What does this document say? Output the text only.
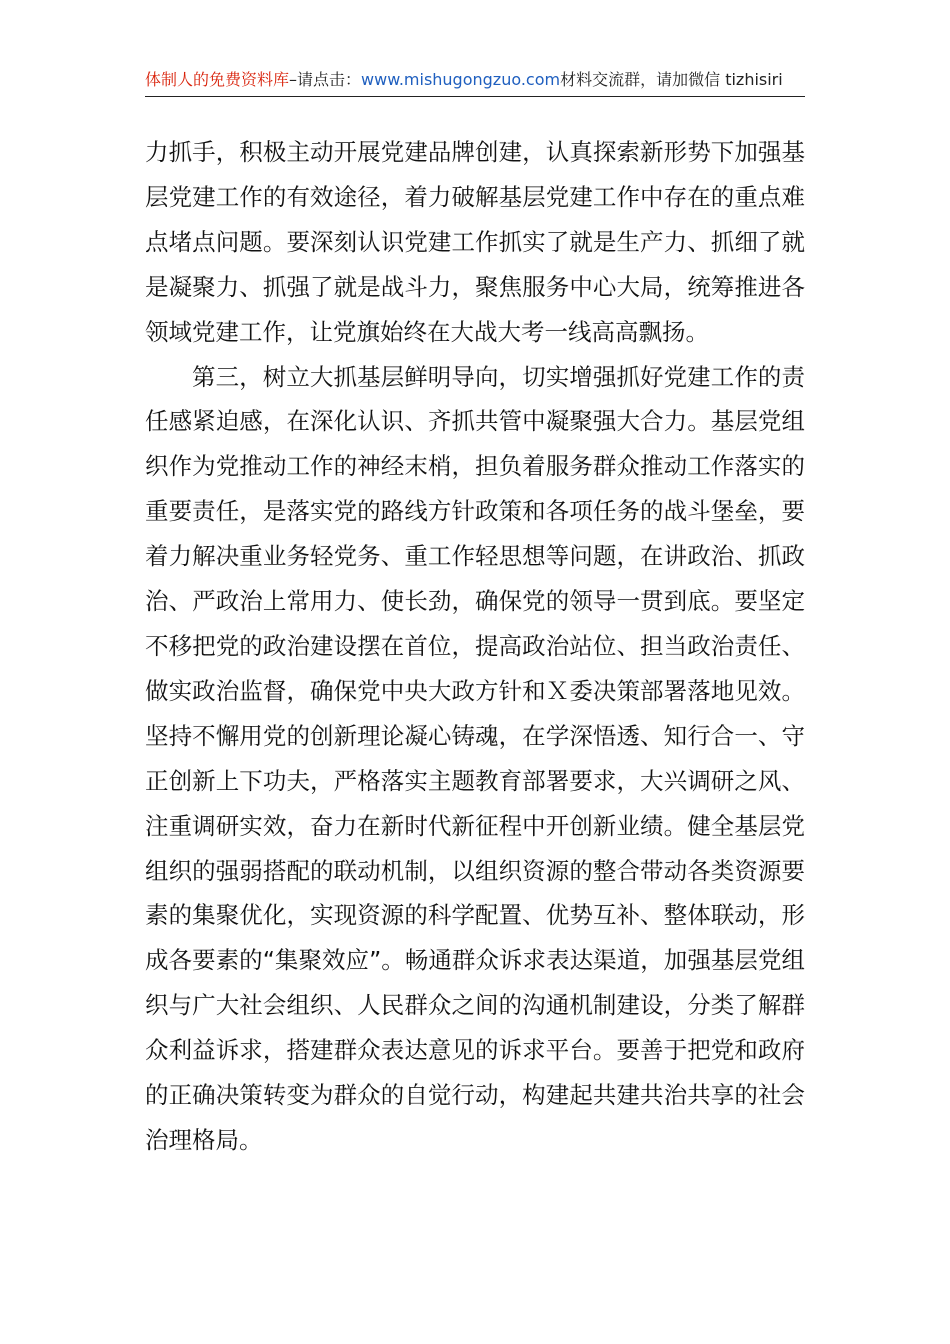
体制人的免费资料库–请点击：www.mishugongzuo.com材料交流群，请加微信 tizhisiri

力抓手，积极主动开展党建品牌创建，认真探索新形势下加强基层党建工作的有效途径，着力破解基层党建工作中存在的重点难点堵点问题。要深刻认识党建工作抓实了就是生产力、抓细了就是凝聚力、抓强了就是战斗力，聚焦服务中心大局，统筹推进各领域党建工作，让党旗始终在大战大考一线高高飘扬。

第三，树立大抓基层鲜明导向，切实增强抓好党建工作的责任感紧迫感，在深化认识、齐抓共管中凝聚强大合力。基层党组织作为党推动工作的神经末梢，担负着服务群众推动工作落实的重要责任，是落实党的路线方针政策和各项任务的战斗堡垒，要着力解决重业务轻党务、重工作轻思想等问题，在讲政治、抓政治、严政治上常用力、使长劲，确保党的领导一贯到底。要坚定不移把党的政治建设摆在首位，提高政治站位、担当政治责任、做实政治监督，确保党中央大政方针和Ｘ委决策部署落地见效。坚持不懈用党的创新理论凝心铸魂，在学深悟透、知行合一、守正创新上下功夫，严格落实主题教育部署要求，大兴调研之风、注重调研实效，奋力在新时代新征程中开创新业绩。健全基层党组织的强弱搭配的联动机制，以组织资源的整合带动各类资源要素的集聚优化，实现资源的科学配置、优势互补、整体联动，形成各要素的“集聚效应”。畅通群众诉求表达渠道，加强基层党组织与广大社会组织、人民群众之间的沟通机制建设，分类了解群众利益诉求，搭建群众表达意见的诉求平台。要善于把党和政府的正确决策转变为群众的自觉行动，构建起共建共治共享的社会治理格局。
